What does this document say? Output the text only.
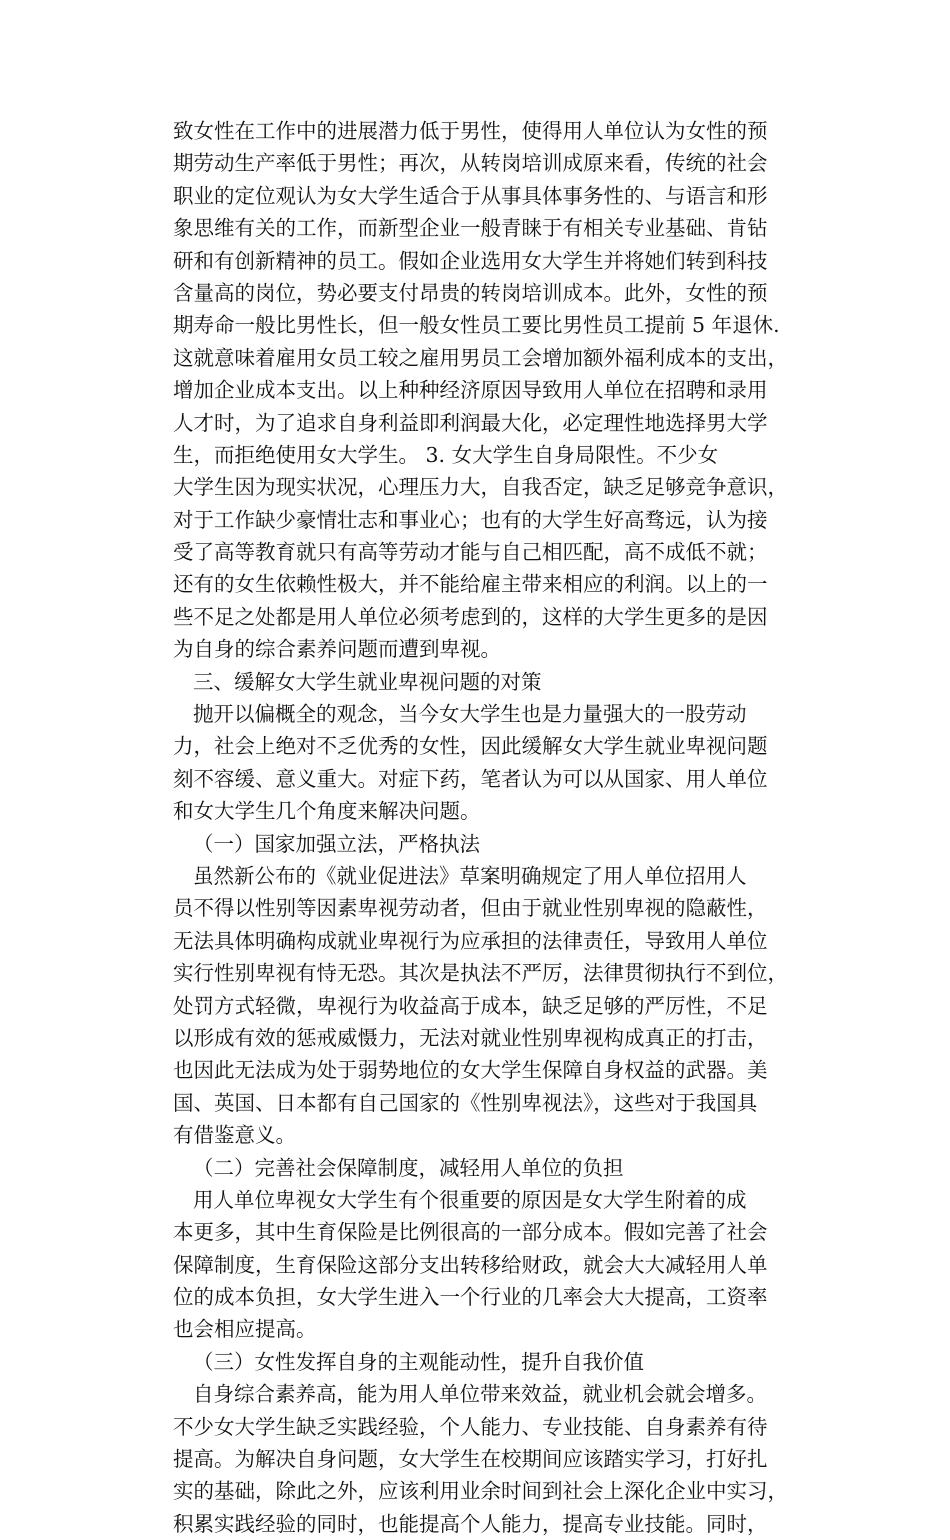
致女性在工作中的进展潜力低于男性，使得用人单位认为女性的预
期劳动生产率低于男性；再次，从转岗培训成原来看，传统的社会
职业的定位观认为女大学生适合于从事具体事务性的、与语言和形
象思维有关的工作，而新型企业一般青睐于有相关专业基础、肯钻
研和有创新精神的员工。假如企业选用女大学生并将她们转到科技
含量高的岗位，势必要支付昂贵的转岗培训成本。此外，女性的预
期寿命一般比男性长，但一般女性员工要比男性员工提前 5 年退休.
这就意味着雇用女员工较之雇用男员工会增加额外福利成本的支出，
增加企业成本支出。以上种种经济原因导致用人单位在招聘和录用
人才时，为了追求自身利益即利润最大化，必定理性地选择男大学
生，而拒绝使用女大学生。 3. 女大学生自身局限性。不少女
大学生因为现实状况，心理压力大，自我否定，缺乏足够竞争意识，
对于工作缺少豪情壮志和事业心；也有的大学生好高骛远，认为接
受了高等教育就只有高等劳动才能与自己相匹配，高不成低不就；
还有的女生依赖性极大，并不能给雇主带来相应的利润。以上的一
些不足之处都是用人单位必须考虑到的，这样的大学生更多的是因
为自身的综合素养问题而遭到卑视。
三、缓解女大学生就业卑视问题的对策
抛开以偏概全的观念，当今女大学生也是力量强大的一股劳动
力，社会上绝对不乏优秀的女性，因此缓解女大学生就业卑视问题
刻不容缓、意义重大。对症下药，笔者认为可以从国家、用人单位
和女大学生几个角度来解决问题。
（一）国家加强立法，严格执法
虽然新公布的《就业促进法》草案明确规定了用人单位招用人
员不得以性别等因素卑视劳动者，但由于就业性别卑视的隐蔽性，
无法具体明确构成就业卑视行为应承担的法律责任，导致用人单位
实行性别卑视有恃无恐。其次是执法不严厉，法律贯彻执行不到位，
处罚方式轻微，卑视行为收益高于成本，缺乏足够的严厉性，不足
以形成有效的惩戒威慑力，无法对就业性别卑视构成真正的打击，
也因此无法成为处于弱势地位的女大学生保障自身权益的武器。美
国、英国、日本都有自己国家的《性别卑视法》，这些对于我国具
有借鉴意义。
（二）完善社会保障制度，减轻用人单位的负担
用人单位卑视女大学生有个很重要的原因是女大学生附着的成
本更多，其中生育保险是比例很高的一部分成本。假如完善了社会
保障制度，生育保险这部分支出转移给财政，就会大大减轻用人单
位的成本负担，女大学生进入一个行业的几率会大大提高，工资率
也会相应提高。
（三）女性发挥自身的主观能动性，提升自我价值
自身综合素养高，能为用人单位带来效益，就业机会就会增多。
不少女大学生缺乏实践经验，个人能力、专业技能、自身素养有待
提高。为解决自身问题，女大学生在校期间应该踏实学习，打好扎
实的基础，除此之外，应该利用业余时间到社会上深化企业中实习，
积累实践经验的同时，也能提高个人能力，提高专业技能。同时，
